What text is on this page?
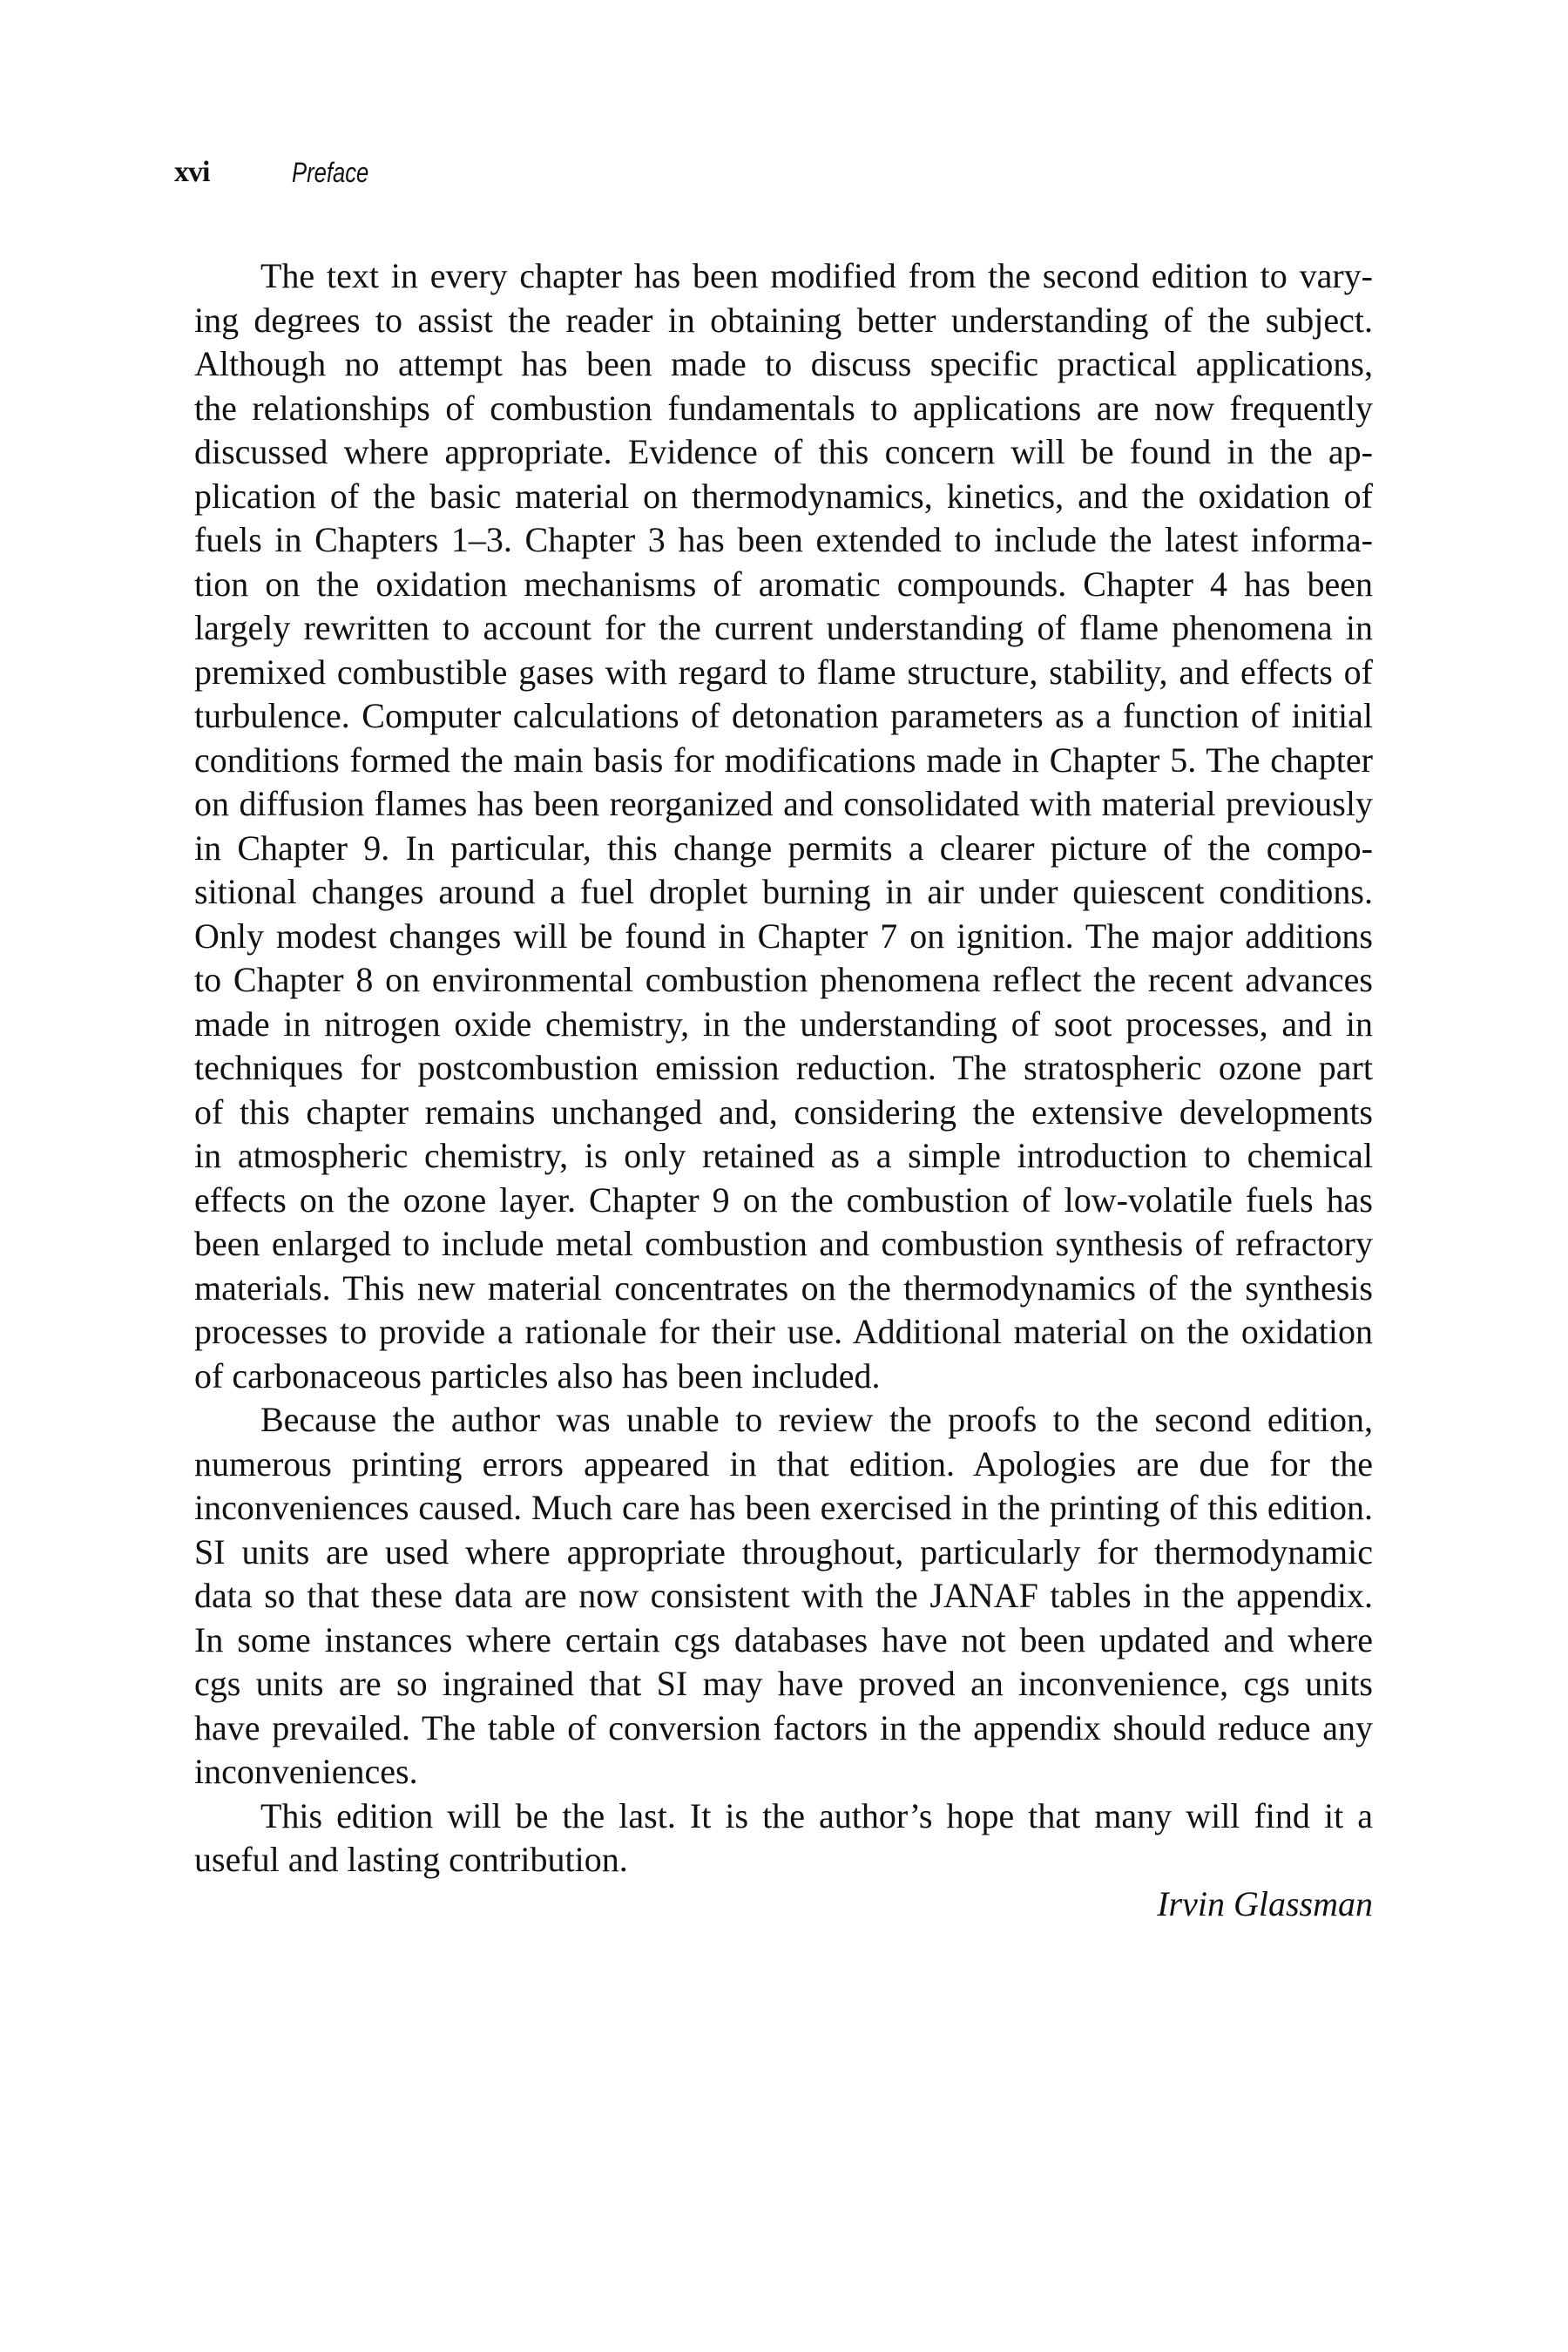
xvi	Preface
The text in every chapter has been modified from the second edition to vary-
ing degrees to assist the reader in obtaining better understanding of the subject.
Although no attempt has been made to discuss specific practical applications,
the relationships of combustion fundamentals to applications are now frequently
discussed where appropriate. Evidence of this concern will be found in the ap-
plication of the basic material on thermodynamics, kinetics, and the oxidation of
fuels in Chapters 1–3. Chapter 3 has been extended to include the latest informa-
tion on the oxidation mechanisms of aromatic compounds. Chapter 4 has been
largely rewritten to account for the current understanding of flame phenomena in
premixed combustible gases with regard to flame structure, stability, and effects of
turbulence. Computer calculations of detonation parameters as a function of initial
conditions formed the main basis for modifications made in Chapter 5. The chapter
on diffusion flames has been reorganized and consolidated with material previously
in Chapter 9. In particular, this change permits a clearer picture of the compo-
sitional changes around a fuel droplet burning in air under quiescent conditions.
Only modest changes will be found in Chapter 7 on ignition. The major additions
to Chapter 8 on environmental combustion phenomena reflect the recent advances
made in nitrogen oxide chemistry, in the understanding of soot processes, and in
techniques for postcombustion emission reduction. The stratospheric ozone part
of this chapter remains unchanged and, considering the extensive developments
in atmospheric chemistry, is only retained as a simple introduction to chemical
effects on the ozone layer. Chapter 9 on the combustion of low-volatile fuels has
been enlarged to include metal combustion and combustion synthesis of refractory
materials. This new material concentrates on the thermodynamics of the synthesis
processes to provide a rationale for their use. Additional material on the oxidation
of carbonaceous particles also has been included.
Because the author was unable to review the proofs to the second edition,
numerous printing errors appeared in that edition. Apologies are due for the
inconveniences caused. Much care has been exercised in the printing of this edition.
SI units are used where appropriate throughout, particularly for thermodynamic
data so that these data are now consistent with the JANAF tables in the appendix.
In some instances where certain cgs databases have not been updated and where
cgs units are so ingrained that SI may have proved an inconvenience, cgs units
have prevailed. The table of conversion factors in the appendix should reduce any
inconveniences.
This edition will be the last. It is the author’s hope that many will find it a
useful and lasting contribution.
Irvin Glassman
